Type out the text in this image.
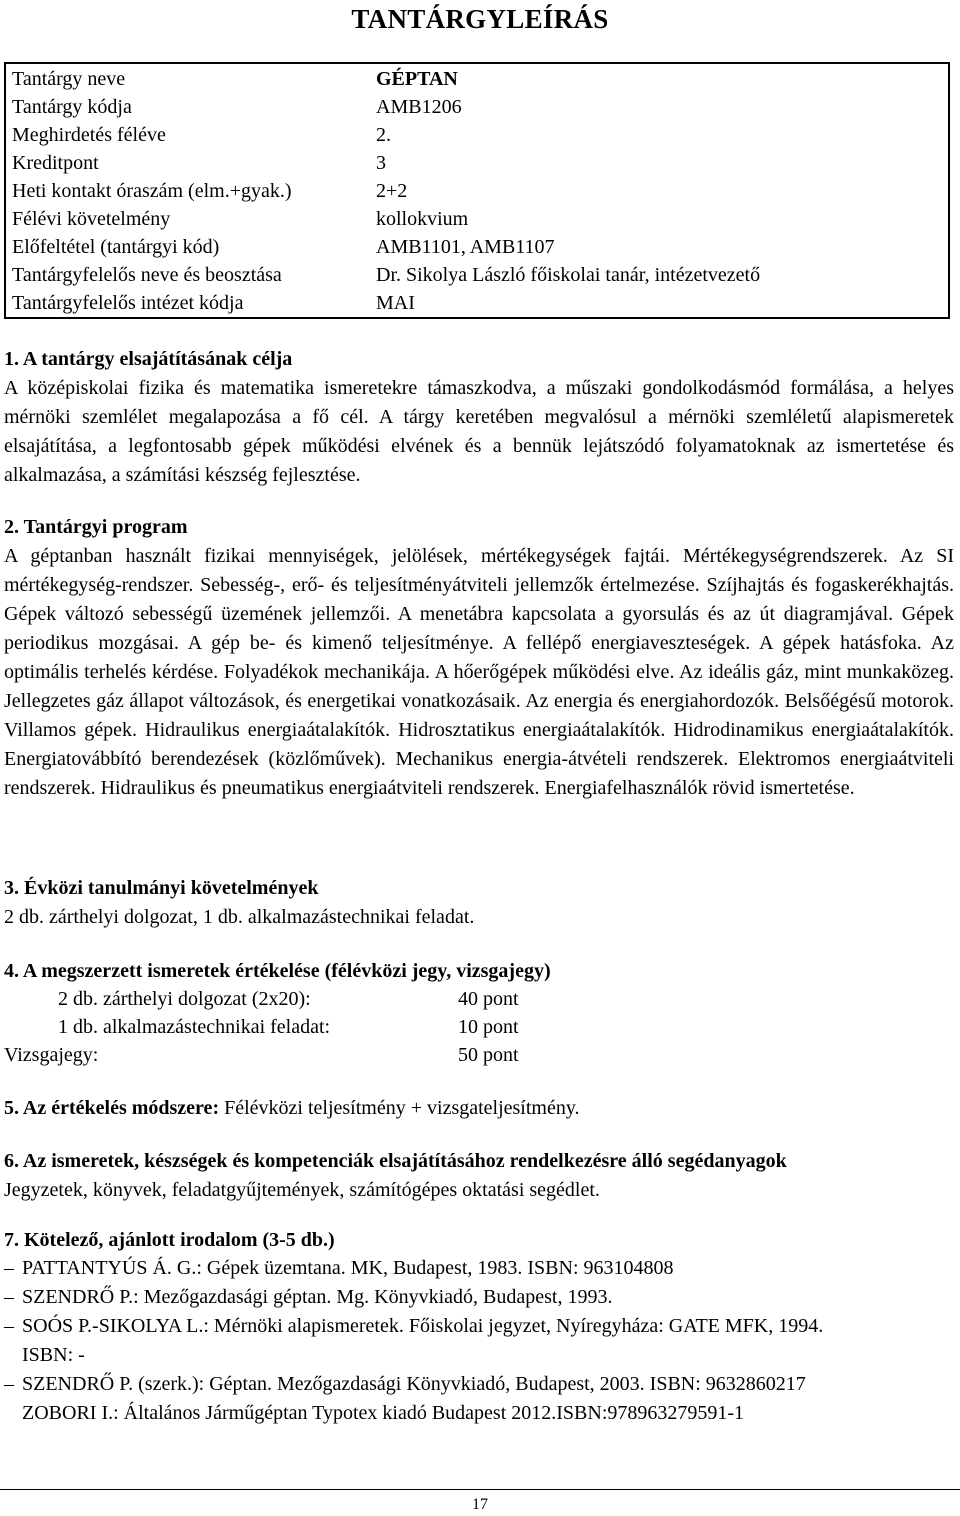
TANTÁRGYLEÍRÁS
Tantárgy neve	GÉPTAN
Tantárgy kódja	AMB1206
Meghirdetés féléve	2.
Kreditpont	3
Heti kontakt óraszám (elm.+gyak.)	2+2
Félévi követelmény	kollokvium
Előfeltétel (tantárgyi kód)	AMB1101, AMB1107
Tantárgyfelelős neve és beosztása	Dr. Sikolya László főiskolai tanár, intézetvezető
Tantárgyfelelős intézet kódja	MAI
1. A tantárgy elsajátításának célja

A középiskolai fizika és matematika ismeretekre támaszkodva, a műszaki gondolkodásmód formálása, a helyes mérnöki szemlélet megalapozása a fő cél. A tárgy keretében megvalósul a mérnöki szemléletű alapismeretek elsajátítása, a legfontosabb gépek működési elvének és a bennük lejátszódó folyamatoknak az ismertetése és alkalmazása, a számítási készség fejlesztése.

2. Tantárgyi program

A géptanban használt fizikai mennyiségek, jelölések, mértékegységek fajtái. Mértékegységrendszerek. Az SI mértékegység-rendszer. Sebesség-, erő- és teljesítményátviteli jellemzők értelmezése. Szíjhajtás és fogaskerékhajtás. Gépek változó sebességű üzemének jellemzői. A menetábra kapcsolata a gyorsulás és az út diagramjával. Gépek periodikus mozgásai. A gép be- és kimenő teljesítménye. A fellépő energiaveszteségek. A gépek hatásfoka. Az optimális terhelés kérdése. Folyadékok mechanikája. A hőerőgépek működési elve. Az ideális gáz, mint munkaközeg. Jellegzetes gáz állapot változások, és energetikai vonatkozásaik. Az energia és energiahordozók. Belsőégésű motorok. Villamos gépek. Hidraulikus energiaátalakítók. Hidrosztatikus energiaátalakítók. Hidrodinamikus energiaátalakítók. Energiatovábbító berendezések (közlőművek). Mechanikus energia-átvételi rendszerek. Elektromos energiaátviteli rendszerek. Hidraulikus és pneumatikus energiaátviteli rendszerek. Energiafelhasználók rövid ismertetése.

3. Évközi tanulmányi követelmények

2 db. zárthelyi dolgozat, 1 db. alkalmazástechnikai feladat.

4. A megszerzett ismeretek értékelése (félévközi jegy, vizsgajegy)
2 db. zárthelyi dolgozat (2x20):	40 pont
1 db. alkalmazástechnikai feladat:	10 pont
Vizsgajegy:	50 pont

5. Az értékelés módszere: Félévközi teljesítmény + vizsgateljesítmény.

6. Az ismeretek, készségek és kompetenciák elsajátításához rendelkezésre álló segédanyagok

Jegyzetek, könyvek, feladatgyűjtemények, számítógépes oktatási segédlet.

7. Kötelező, ajánlott irodalom (3-5 db.)
– PATTANTYÚS Á. G.: Gépek üzemtana. MK, Budapest, 1983. ISBN: 963104808
– SZENDRŐ P.: Mezőgazdasági géptan. Mg. Könyvkiadó, Budapest, 1993.
– SOÓS P.-SIKOLYA L.: Mérnöki alapismeretek. Főiskolai jegyzet, Nyíregyháza: GATE MFK, 1994.
ISBN: -
– SZENDRŐ P. (szerk.): Géptan. Mezőgazdasági Könyvkiadó, Budapest, 2003. ISBN: 9632860217
ZOBORI I.: Általános Járműgéptan Typotex kiadó Budapest 2012.ISBN:978963279591-1
17
